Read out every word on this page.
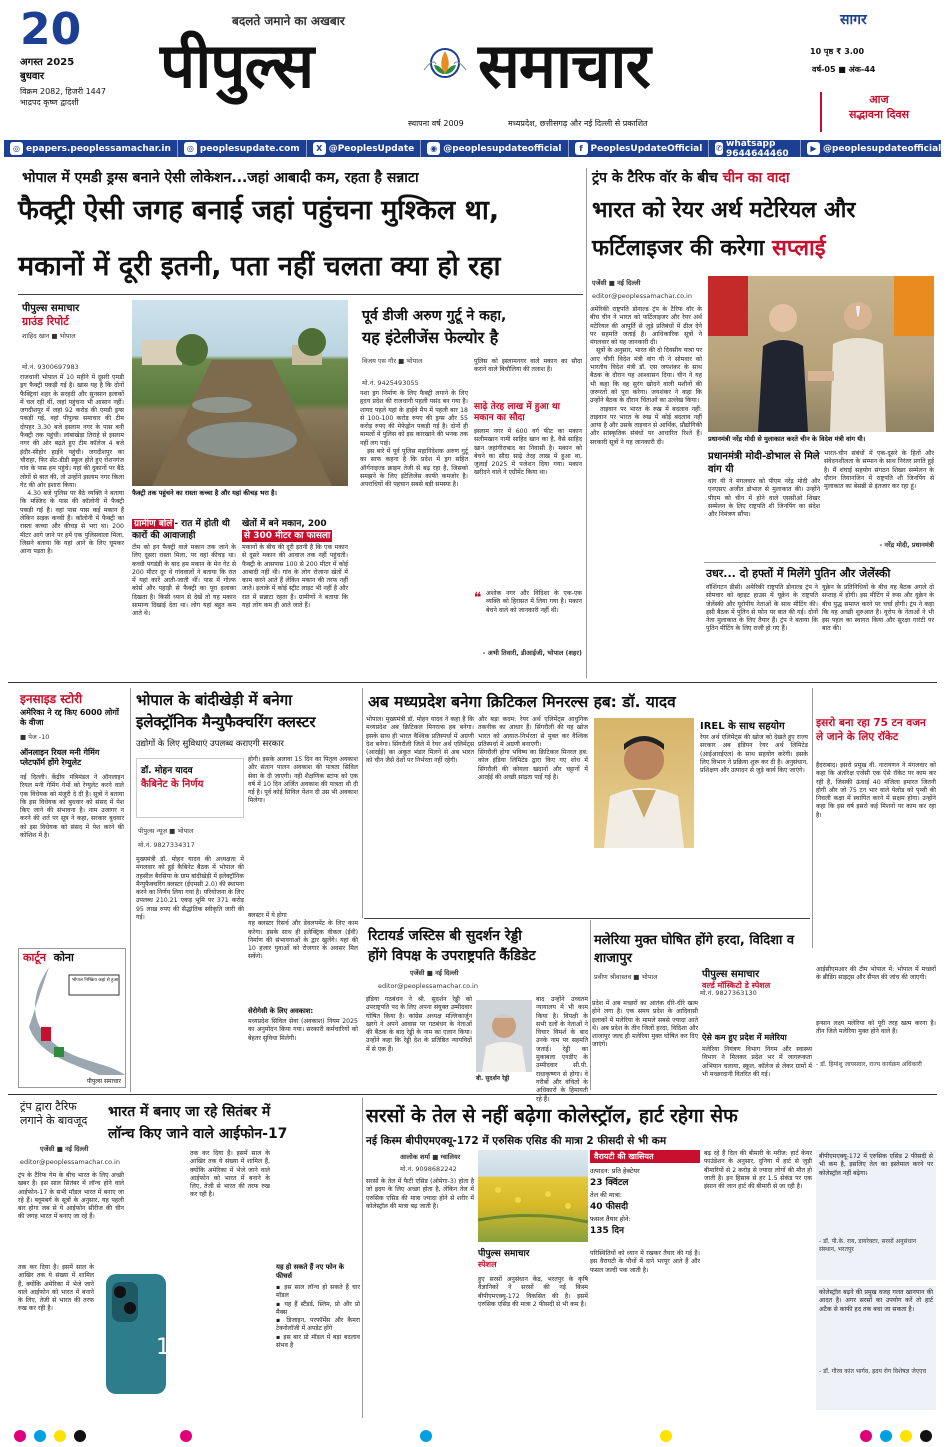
20
अगस्त 2025
बुधवार
विक्रम 2082, हिजरी 1447
भाद्रपद कृष्ण द्वादशी
बदलते जमाने का अखबार
पीपुल्स	समाचार
स्थापना वर्ष 2009	मध्यप्रदेश, छत्तीसगढ़ और नई दिल्ली से प्रकाशित
सागर
10 पृष्ठ ₹ 3.00
वर्ष-05 ■ अंक-44
आज
सद्भावना दिवस
◎ epapers.peoplessamachar.in	◎ peoplesupdate.com	X @PeoplesUpdate	◉ @peoplesupdateofficial	f PeoplesUpdateOfficial ✆ whatsapp 9644644460	▶ @peoplesupdateofficial
भोपाल में एमडी ड्रग्स बनाने ऐसी लोकेशन...जहां आबादी कम, रहता है सन्नाटा
फैक्ट्री ऐसी जगह बनाई जहां पहुंचना मुश्किल था,
मकानों में दूरी इतनी, पता नहीं चलता क्या हो रहा
पीपुल्स समाचार
ग्राउंड रिपोर्ट
शाहिद खान ■ भोपाल
मो.नं. 9300697983
राजधानी भोपाल में 10 महीने में दूसरी एमडी ड्रग फैक्ट्री पकड़ी गई है। खास यह है कि दोनों फैक्ट्रियां शहर के सरहदी और सुनसान इलाकों में चल रही थीं, जहां पहुंचना भी आसान नहीं। जगदीशपुर में जहां 92 करोड़ की एमडी ड्रग्स पकड़ी गई, वहां पीपुल्स समाचार की टीम दोपहर 3.30 बजे इस्लाम नगर के पास बनी फैक्ट्री तक पहुंची। लांबाखेड़ा तिराहे से इस्लाम नगर की ओर बढ़ते हुए टीम कॉलेज 4 बजे इंदौर-सीहोर हाईवे पहुंची। जगदीशपुर का चौराहा, फिर सेंट-डीडी स्कूल होते हुए रोशनगंज गांव के पास हम पहुंचे। यहां की दुकानों पर बैठे लोगों से बात की, तो उन्होंने इस्लाम नगर किला गेट की ओर इशारा किया।
4.30 बजे पुलिस पर बैठे व्यक्ति ने बताया कि मस्जिद के पास की कॉलोनी में फैक्ट्री पकड़ी गई है। वहां पास पास कई मकान हैं लेकिन सड़क कच्ची है। कॉलोनी में फैक्ट्री का रास्ता कच्चा और कीचड़ से भरा था। 200 मीटर आगे जाने पर हमें एक पुलिसवाला मिला, जिसने बताया कि यहां आने के लिए घूमकर आना पड़ता है।
फैक्ट्री तक पहुंचने का रास्ता कच्चा है और यहां कीचड़ भरा है।
ग्रामीण बोले - रात में होती थी कारों की आवाजाही
टीम को इन फैक्ट्री वाले मकान तक जाने के लिए दूसरा रास्ता मिला, पर वहां कीचड़ था। कच्ची पगडंडी के बाद हम मकान के मेन गेट से 200 मीटर दूर थे गांववालों ने बताया कि रात में यहां कारें आती-जाती थीं। पास में गोल्फ कोर्स और पहाड़ी से फैक्ट्री का पूरा इलाका दिखता है। किसी ध्यान से देखें तो यह मकान सामान्य दिखाई देता था। लोग यहां बहुत कम आते थे।
खेतों में बने मकान, 200
से 300 मीटर का फासला
मकानों के बीच की दूरी इतनी है कि एक मकान से दूसरे मकान की आवाज तक नहीं पहुंचती। फैक्ट्री के आसपास 100 से 200 मीटर में कोई आबादी नहीं थी। गांव के लोग रोजाना खेतों में काम करने आते हैं लेकिन मकान की तरफ नहीं जाते। इलाके में कोई स्ट्रीट लाइट भी नहीं है और रात में सन्नाटा रहता है। ग्रामीणों ने बताया कि यहां लोग कम ही आते जाते हैं।
पूर्व डीजी अरुण गुर्टू ने कहा,
यह इंटेलीजेंस फेल्योर है
विजय एस गौर ■ भोपाल
मो.नं. 9425493055
नशा ड्रग निर्माण के लिए फैक्ट्री लगाने के लिए हृदय प्रदेश की राजधानी पहली पसंद बन गया है। शायद पहले यहां के हाईवे मैप में पहली बार 18 से 100-100 करोड़ रुपए की ड्रग्स और 55 करोड़ रुपए की मेफेड्रोन पकड़ी गई है। दोनों ही मामलों में पुलिस को इस कारखाने की भनक तक नहीं लग पाई।
इस बारे में पूर्व पुलिस महानिदेशक अरुण गुर्टू का साफ कहना है कि प्रदेश में ड्रग सहित ऑर्गनाइज्ड क्राइम तेजी से बढ़ रहा है, जिसको समझने के लिए इंटेलिजेंस काफी कमजोर है। अपराधियों की पहचान सबसे बड़ी समस्या है।
पुलिस को इस्लामनगर वाले मकान का सौदा कराने वाले बिचौलिया की तलाश है।
साढ़े तेरह लाख में हुआ था मकान का सौदा
इस्लाम नगर में 600 वर्ग फीट का मकान सलीमखान नामी साहिद खान का है, वैसे साहिद खान जहांगीराबाद का निवासी है। मकान को बेचने का सौदा साढ़े तेरह लाख में हुआ था, जुलाई 2025 में पजेशन दिया गया। मकान खरीदने वाले ने एग्रीमेंट किया था।
❝ अशोक नगर और विदिशा के एक-एक व्यक्ति को हिरासत में लिया गया है। मकान बेचने वाले को जानकारी नहीं थी।
- अभी तिवारी, डीआईजी, भोपाल (शहर)
ट्रंप के टैरिफ वॉर के बीच चीन का वादा
भारत को रेयर अर्थ मटेरियल और
फर्टिलाइजर की करेगा सप्लाई
एजेंसी ■ नई दिल्ली
editor@peoplessamachar.co.in
अमेरिकी राष्ट्रपति डोनाल्ड ट्रंप के टैरिफ वॉर के बीच चीन ने भारत को फर्टिलाइजर और रेयर अर्थ मटेरियल की आपूर्ति से जुड़े प्रतिबंधों में ढील देने पर सहमति जताई है। आधिकारिक सूत्रों ने मंगलवार को यह जानकारी दी।
सूत्रों के अनुसार, भारत की दो दिवसीय यात्रा पर आए चीनी विदेश मंत्री वांग यी ने सोमवार को भारतीय विदेश मंत्री डॉ. एस जयशंकर के साथ बैठक के दौरान यह आश्वासन दिया। चीन ने यह भी कहा कि वह सुरंग खोदने वाली मशीनों की जरूरतों को पूरा करेगा। जयशंकर ने कहा कि उन्होंने बैठक के दौरान चिंताओं का उल्लेख किया।
ताइवान पर भारत के रुख में बदलाव नहीं: ताइवान पर भारत के रुख में कोई बदलाव नहीं आया है और उसके ताइवान से आर्थिक, प्रौद्योगिकी और सांस्कृतिक संबंधों पर आधारित रिश्ते हैं। सरकारी सूत्रों ने यह जानकारी दी।	प्रधानमंत्री नरेंद्र मोदी से मुलाकात करते चीन के विदेश मंत्री वांग यी।
प्रधानमंत्री मोदी-डोभाल से मिले वांग यी
वांग यी ने मंगलवार को पीएम नरेंद्र मोदी और एनएसए अजीत डोभाल से मुलाकात की। उन्होंने पीएम को चीन में होने वाले एससीओ शिखर सम्मेलन के लिए राष्ट्रपति शी जिनपिंग का संदेश और निमंत्रण सौंपा।
भारत-चीन संबंधों में एक-दूसरे के हितों और संवेदनशीलता के सम्मान के साथ निरंतर प्रगति हुई है। मैं शंघाई सहयोग संगठन शिखर सम्मेलन के दौरान तियानजिन में राष्ट्रपति शी जिनपिंग से मुलाकात का बेसब्री से इंतजार कर रहा हूं।
- नरेंद्र मोदी, प्रधानमंत्री
उधर... दो हफ्तों में मिलेंगे पुतिन और जेलेंस्की
वॉशिंगटन डीसी। अमेरिकी राष्ट्रपति डोनाल्ड ट्रंप ने सोमवार को व्हाइट हाउस में यूक्रेन के राष्ट्रपति जेलेंस्की और यूरोपीय नेताओं के साथ मीटिंग की। इसी बैठक में पुतिन से फोन पर बात की गई। दोनों नेता मुलाकात के लिए तैयार हैं। ट्रंप ने बताया कि पुतिन मीटिंग के लिए राजी हो गए हैं।
यूक्रेन के प्रतिनिधियों के बीच यह बैठक अगले दो सप्ताह में होगी। इस मीटिंग में रूस और यूक्रेन के बीच युद्ध समाप्त करने पर चर्चा होगी। ट्रंप ने कहा कि यह अच्छी शुरुआत है। यूरोप के नेताओं ने भी इस पहल का स्वागत किया और सुरक्षा गारंटी पर बात की।
इनसाइड स्टोरी
अमेरिका ने रद्द किए 6000 लोगों के वीजा
■ पेज -10
ऑनलाइन रियल मनी गेमिंग प्लेटफॉर्म होंगे रेग्युलेट
नई दिल्ली। केंद्रीय मंत्रिमंडल ने ऑनलाइन रियल मनी गेमिंग गेमों को रेग्युलेट करने वाले एक विधेयक को मंजूरी दे दी है। सूत्रों ने बताया कि इस विधेयक को बुधवार को संसद में पेश किए जाने की संभावना है। नाम उजागर न करने की शर्त पर सूत्र ने कहा, सरकार बुधवार को इस विधेयक को संसद में पेश करने की कोशिश में है।
कार्टून कोना
भोपाल निष्क्रिय कहां से हुआ
पीपुल्स समाचार
भोपाल के बांदीखेड़ी में बनेगा
इलेक्ट्रॉनिक मैन्युफैक्चरिंग क्लस्टर
उद्योगों के लिए सुविधाएं उपलब्ध कराएगी सरकार
डॉ. मोहन यादव
कैबिनेट के निर्णय
पीपुल्स न्यूज़ ■ भोपाल
मो.नं. 9827334317
मुख्यमंत्री डॉ. मोहन यादव की अध्यक्षता में मंगलवार को हुई कैबिनेट बैठक में भोपाल की तहसील बैरसिया के ग्राम बांदीखेड़ी में इलेक्ट्रॉनिक मैन्युफैक्चरिंग क्लस्टर (ईएमसी 2.0) की स्थापना करने का निर्णय लिया गया है। परियोजना के लिए उपलब्ध 210.21 एकड़ भूमि पर 371 करोड़ 95 लाख रुपए की सैद्धांतिक स्वीकृति जारी की गई।
होगी। इसके अलावा 15 दिन का पितृत्व अवकाश और संतान पालन अवकाश की पात्रता सिविल सेवा के दी जाएगी। नही शैक्षणिक स्टाफ को एक वर्ष में 10 दिन अर्जित अवकाश की पात्रता थी दी गई है। पूर्व कोई सिविल पेंशन दी उस भी अवकाश मिलेगा।
क्लस्टर में ये होगा
यह क्लस्टर रिसर्च और डेवलपमेंट के लिए काम करेगा। इसके साथ ही इलेक्ट्रिक वीकल (ईवी) निर्माण की संभावनाओं के द्वार खुलेंगे। यहां की 10 हजार युवाओं को रोजगार के अवसर मिल सकेंगे।
सेरोगेसी के लिए अवकाश:
मध्यप्रदेश सिविल सेवा (अवकाश) नियम 2025 का अनुमोदन किया गया। सरकारी कर्मचारियों को बेहतर सुविधा मिलेगी।
अब मध्यप्रदेश बनेगा क्रिटिकल मिनरल्स हब: डॉ. यादव
भोपाल। मुख्यमंत्री डॉ. मोहन यादव ने कहा है कि मध्यप्रदेश अब क्रिटिकल मिनरल्स हब बनेगा। इसके साथ ही भारत वैश्विक प्रतिस्पर्धा में अग्रणी देश बनेगा। सिंगरौली जिले में रेयर अर्थ एलिमेंट्स (आरईई) का अकूत भंडार मिलने से अब भारत को चीन जैसे देशों पर निर्भरता नहीं रहेगी।
और बड़ा कदम: रेयर अर्थ एलिमेंट्स आधुनिक तकनीक का आधार हैं। सिंगरौली की यह खोज भारत को आयात-निर्भरता से मुक्त कर वैश्विक प्रतिस्पर्धा में अग्रणी बनाएगी।
सिंगरौली होगा भविष्य का क्रिटिकल मिनरल हब: कोल इंडिया लिमिटेड द्वारा किए गए शोध में सिंगरौली की कोयला खदानों और चट्टानों में आरईई की अच्छी सांद्रता पाई गई है।
IREL के साथ सहयोग
रेयर अर्थ एलिमेंट्स की खोज को देखते हुए राज्य सरकार अब इंडियन रेयर अर्थ लिमिटेड (आईआरईएल) के साथ सहयोग करेगी। इसके लिए विभाग ने प्रक्रिया शुरू कर दी है। अनुसंधान, प्रशिक्षण और उत्पादन से जुड़े कार्य किए जाएंगे।
इसरो बना रहा 75 टन वजन ले जाने के लिए रॉकेट
हैदराबाद। इसरो प्रमुख वी. नारायणन ने मंगलवार को कहा कि अंतरिक्ष एजेंसी एक ऐसे रॉकेट पर काम कर रही है, जिसकी ऊंचाई 40 मंजिला इमारत जितनी होगी और जो 75 टन भार वाले पेलोड को पृथ्वी की निचली कक्षा में स्थापित करने में सक्षम होगा। उन्होंने कहा कि इस वर्ष इसरो कई मिशनों पर काम कर रहा है।
रिटायर्ड जस्टिस बी सुदर्शन रेड्डी
होंगे विपक्ष के उपराष्ट्रपति कैंडिडेट
एजेंसी ■ नई दिल्ली
editor@peoplessamachar.co.in
इंडिया गठबंधन ने श्री. सुदर्शन रेड्डी को उपराष्ट्रपति पद के लिए अपना संयुक्त उम्मीदवार घोषित किया है। कांग्रेस अध्यक्ष मल्लिकार्जुन खरगे ने अपने आवास पर गठबंधन के नेताओं की बैठक के बाद रेड्डी के नाम का एलान किया। उन्होंने कहा कि रेड्डी देश के प्रतिष्ठित न्यायविदों में से एक हैं।
बी. सुदर्शन रेड्डी
बाद उन्होंने उच्चतम न्यायालय में भी काम किया है। विपक्षी के सभी दलों के नेताओं ने विचार विमर्श के बाद उनके नाम पर सहमति जताई। रेड्डी का मुकाबला एनडीए के उम्मीदवार सी.पी. राधाकृष्णन से होगा। वे गरीबों और वंचितों के अधिकारों के हिमायती रहे हैं।
मलेरिया मुक्त घोषित होंगे हरदा, विदिशा व शाजापुर
प्रवीण श्रीवास्तव ■ भोपाल
मो.नं. 9827363130
प्रदेश में अब मच्छरों का आतंक धीरे-धीरे खत्म होने लगा है। एक समय प्रदेश के आदिवासी इलाकों में मलेरिया के मामले सबसे ज्यादा आते थे। अब प्रदेश के तीन जिलों हरदा, विदिशा और शाजापुर जल्द ही मलेरिया मुक्त घोषित कर दिए जाएंगे।
पीपुल्स समाचार
वर्ल्ड मॉस्किटो डे स्पेशल
आईसीएमआर की टीम भोपाल में: भोपाल में मच्छरों के ब्रीडिंग साइट्स और सैंपल की जांच की जाएगी।
ऐसे कम हुए प्रदेश में मलेरिया
मलेरिया नियंत्रण विभाग निगम और स्वास्थ्य विभाग ने मिलकर प्रदेश भर में जागरूकता अभियान चलाया, स्कूल, कॉलेज से लेकर ग्रामों में भी मच्छरदानी वितरित की गई।
इन्सान लक्ष्य मलेरिया को पूरी तरह खत्म करना है। तीन जिले मलेरिया मुक्त होने वाले हैं।
- डॉ. हिमांशु जायसवार, राज्य कार्यक्रम अधिकारी
ट्रंप द्वारा टैरिफ लगाने के बावजूद
भारत में बनाए जा रहे सितंबर में
लॉन्च किए जाने वाले आईफोन-17
एजेंसी ■ नई दिल्ली
editor@peoplessamachar.co.in
ट्रंप के टैरिफ गेम के बीच भारत के लिए अच्छी खबर है। इस साल सितंबर में लॉन्च होने वाले आईफोन-17 के सभी मॉडल भारत में बनाए जा रहे हैं। ब्लूमबर्ग के सूत्रों के अनुसार, यह पहली बार होगा जब से ये आईफोन सीरीज की चीन की जगह भारत में बनाए जा रहे हैं।
17
तक कर दिया है। इसमें साल के आखिर तक ये संख्या में शामिल हैं, क्योंकि अमेरिका में भेजे जाने वाले आईफोन को भारत में बनाने के लिए, तेजी से भारत की तरफ रुख कर रही है।
तक कर दिया है। इसमें साल के आखिर तक ये संख्या में शामिल हैं, क्योंकि अमेरिका में भेजे जाने वाले आईफोन को भारत में बनाने के लिए, तेजी से भारत की तरफ रुख कर रही है।
यह हो सकते हैं नए फोन के फीचर्स
▪ इस साल लॉन्च हो सकते हैं चार मॉडल
▪ यह हैं स्टैंडर्ड, स्लिम, प्रो और प्रो मैक्स
▪ डिजाइन, परफॉर्मेंस और कैमरा टेक्नोलॉजी में अपडेट होंगे
▪ इस बार प्रो मॉडल में बड़ा बदलाव संभव है
सरसों के तेल से नहीं बढ़ेगा कोलेस्ट्रॉल, हार्ट रहेगा सेफ
नई किस्म बीपीएमएक्यू-172 में एरुसिक एसिड की मात्रा 2 फीसदी से भी कम
आलोक शर्मा ■ ग्वालियर
मो.नं. 9098682242
सरसों के तेल में फैटी एसिड (ओमेगा-3) होता है जो ह्रदय के लिए अच्छा होता है, लेकिन तेल में एरुसिक एसिड की मात्रा ज्यादा होने से शरीर में कोलेस्ट्रॉल की मात्रा बढ़ जाती है।
पीपुल्स समाचार
स्पेशल
हुए सरसों अनुसंधान केंद्र, भरतपुर के कृषि वैज्ञानिकों ने सरसों की नई किस्म बीपीएमएक्यू-172 विकसित की है। इसमें एरुसिक एसिड की मात्रा 2 फीसदी से भी कम है।
वैरायटी की खासियत
उत्पादन: प्रति हेक्टेयर
23 क्विंटल
तेल की मात्रा:
40 फीसदी
फसल तैयार होने:
135 दिन
परिस्थितियों को ध्यान में रखकर तैयार की गई है। इस वैरायटी के पौधों में दाने भरपूर आते हैं और फसल जल्दी पक जाती है।
बढ़ रहे हैं दिल की बीमारी के मरीज: हार्ट केयर फाउंडेशन के अनुसार, दुनिया में हार्ट से जुड़ी बीमारियों से 2 करोड़ से ज्यादा लोगों की मौत हो जाती है। इन हिसाब से हर 1.5 सेकंड पर एक इंसान की जान हार्ट की बीमारी से जा रही है।
बीपीएमएक्यू-172 में एरुसिक एसिड 2 फीसदी से भी कम है, इसलिए तेल का इस्तेमाल करने पर कोलेस्ट्रॉल नहीं बढ़ेगा।
- डॉ. पी.के. राय, डायरेक्टर, सरसों अनुसंधान संस्थान, भरतपुर
कोलेस्ट्रॉल बढ़ने की प्रमुख वजह गलत खानपान की आदत है। अगर सरसों का उपयोग करें तो हार्ट अटैक से काफी हद तक बचा जा सकता है।
- डॉ. गौरव कांत भार्गव, ह्रदय रोग विशेषज्ञ जेएएच
